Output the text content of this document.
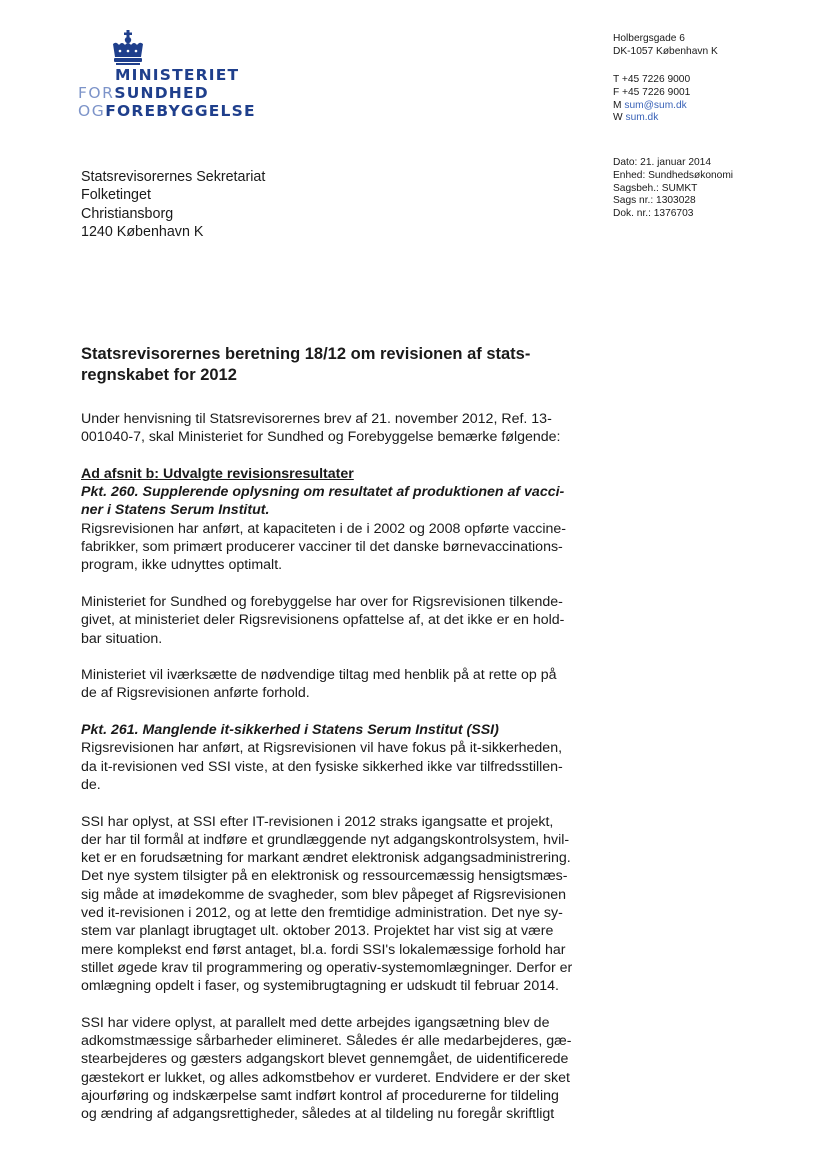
MINISTERIET
FORSUNDHED
OGFOREBYGGELSE
Holbergsgade 6
DK-1057 København K
T +45 7226 9000
F +45 7226 9001
M sum@sum.dk
W sum.dk
Dato: 21. januar 2014
Enhed: Sundhedsøkonomi
Sagsbeh.: SUMKT
Sags nr.: 1303028
Dok. nr.: 1376703
Statsrevisorernes Sekretariat
Folketinget
Christiansborg
1240 København K
Statsrevisorernes beretning 18/12 om revisionen af stats-
regnskabet for 2012

Under henvisning til Statsrevisorernes brev af 21. november 2012, Ref. 13-
001040-7, skal Ministeriet for Sundhed og Forebyggelse bemærke følgende:

Ad afsnit b: Udvalgte revisionsresultater

Pkt. 260. Supplerende oplysning om resultatet af produktionen af vacci-
ner i Statens Serum Institut.

Rigsrevisionen har anført, at kapaciteten i de i 2002 og 2008 opførte vaccine-
fabrikker, som primært producerer vacciner til det danske børnevaccinations-
program, ikke udnyttes optimalt.

Ministeriet for Sundhed og forebyggelse har over for Rigsrevisionen tilkende-
givet, at ministeriet deler Rigsrevisionens opfattelse af, at det ikke er en hold-
bar situation.

Ministeriet vil iværksætte de nødvendige tiltag med henblik på at rette op på
de af Rigsrevisionen anførte forhold.

Pkt. 261. Manglende it-sikkerhed i Statens Serum Institut (SSI)

Rigsrevisionen har anført, at Rigsrevisionen vil have fokus på it-sikkerheden,
da it-revisionen ved SSI viste, at den fysiske sikkerhed ikke var tilfredsstillen-
de.

SSI har oplyst, at SSI efter IT-revisionen i 2012 straks igangsatte et projekt,
der har til formål at indføre et grundlæggende nyt adgangskontrolsystem, hvil-
ket er en forudsætning for markant ændret elektronisk adgangsadministrering.
Det nye system tilsigter på en elektronisk og ressourcemæssig hensigtsmæs-
sig måde at imødekomme de svagheder, som blev påpeget af Rigsrevisionen
ved it-revisionen i 2012, og at lette den fremtidige administration. Det nye sy-
stem var planlagt ibrugtaget ult. oktober 2013. Projektet har vist sig at være
mere komplekst end først antaget, bl.a. fordi SSI's lokalemæssige forhold har
stillet øgede krav til programmering og operativ-systemomlægninger. Derfor er
omlægning opdelt i faser, og systemibrugtagning er udskudt til februar 2014.

SSI har videre oplyst, at parallelt med dette arbejdes igangsætning blev de
adkomstmæssige sårbarheder elimineret. Således ér alle medarbejderes, gæ-
stearbejderes og gæsters adgangskort blevet gennemgået, de uidentificerede
gæstekort er lukket, og alles adkomstbehov er vurderet. Endvidere er der sket
ajourføring og indskærpelse samt indført kontrol af procedurerne for tildeling
og ændring af adgangsrettigheder, således at al tildeling nu foregår skriftligt
